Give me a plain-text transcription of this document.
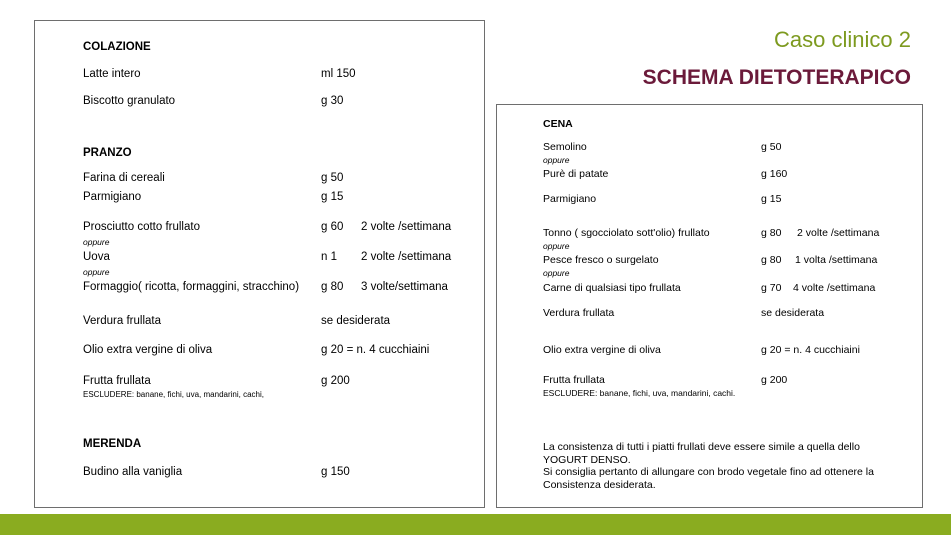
Caso clinico 2
SCHEMA DIETOTERAPICO
COLAZIONE
Latte intero	ml 150
Biscotto granulato	g 30
PRANZO
Farina di cereali	g 50
Parmigiano	g 15
Prosciutto cotto frullato	g 60 2 volte /settimana
oppure
Uova	n 1 2 volte /settimana
oppure
Formaggio( ricotta, formaggini, stracchino) g 80 3 volte/settimana
Verdura frullata	se desiderata
Olio extra vergine di oliva	g 20 = n. 4 cucchiaini
Frutta frullata	g 200
ESCLUDERE: banane, fichi, uva, mandarini, cachi,
MERENDA
Budino alla vaniglia	g 150
CENA
Semolino	g 50
oppure
Purè di patate	g 160
Parmigiano	g 15
Tonno ( sgocciolato sott'olio) frullato	g 80 2 volte /settimana
oppure
Pesce fresco o surgelato	g 80 1 volta /settimana
oppure
Carne di qualsiasi tipo frullata	g 70 4 volte /settimana
Verdura frullata	se desiderata
Olio extra vergine di oliva	g 20 = n. 4 cucchiaini
Frutta frullata	g 200
ESCLUDERE: banane, fichi, uva, mandarini, cachi.
La consistenza di tutti i piatti frullati deve essere simile a quella dello
YOGURT DENSO.
Si consiglia pertanto di allungare con brodo vegetale fino ad ottenere la
Consistenza desiderata.
